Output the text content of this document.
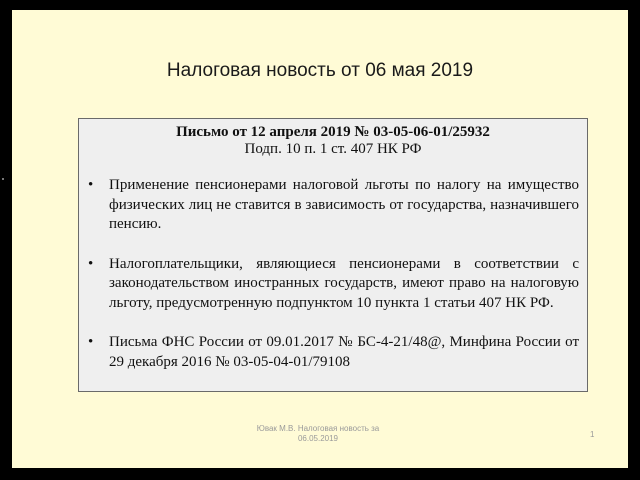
Налоговая новость от 06 мая 2019
Письмо от 12 апреля 2019 № 03-05-06-01/25932
Подп. 10 п. 1 ст. 407 НК РФ
• Применение пенсионерами налоговой льготы по налогу на имущество физических лиц не ставится в зависимость от государства, назначившего пенсию.
• Налогоплательщики, являющиеся пенсионерами в соответствии с законодательством иностранных государств, имеют право на налоговую льготу, предусмотренную подпунктом 10 пункта 1 статьи 407 НК РФ.
• Письма ФНС России от 09.01.2017 № БС-4-21/48@, Минфина России от 29 декабря 2016 № 03-05-04-01/79108
Ювак М.В. Налоговая новость за
06.05.2019	1
